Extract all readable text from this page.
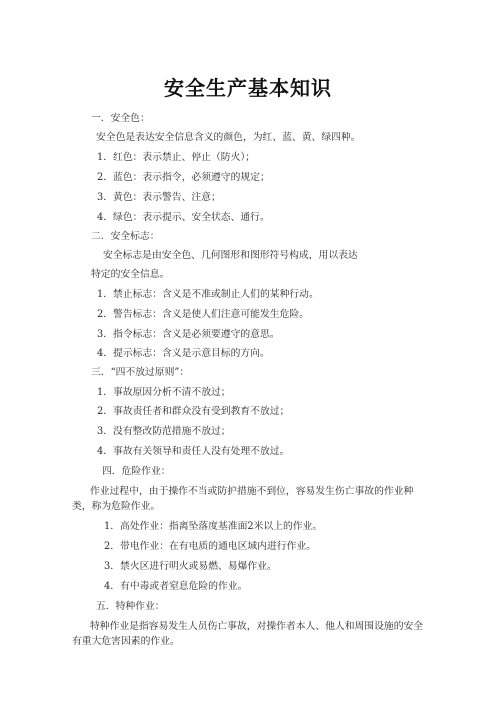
安全生产基本知识
一．安全色：
安全色是表达安全信息含义的颜色，为红、蓝、黄、绿四种。
1．红色：表示禁止、停止（防火）；
2．蓝色：表示指令，必须遵守的规定；
3．黄色：表示警告、注意；
4．绿色：表示提示、安全状态、通行。
二．安全标志：
安全标志是由安全色、几何图形和图形符号构成，用以表达
特定的安全信息。
1．禁止标志：含义是不准或制止人们的某种行动。
2．警告标志：含义是使人们注意可能发生危险。
3．指令标志：含义是必须要遵守的意思。
4．提示标志：含义是示意目标的方向。
三．“四不放过原则”：
1．事故原因分析不清不放过；
2．事故责任者和群众没有受到教育不放过；
3．没有整改防范措施不放过；
4．事故有关领导和责任人没有处理不放过。
四．危险作业：
作业过程中，由于操作不当或防护措施不到位，容易发生伤亡事故的作业种类，称为危险作业。
1．高处作业：指离坠落度基准面2米以上的作业。
2．带电作业：在有电质的通电区域内进行作业。
3．禁火区进行明火或易燃、易爆作业。
4．有中毒或者窒息危险的作业。
五．特种作业：
特种作业是指容易发生人员伤亡事故，对操作者本人、他人和周围设施的安全有重大危害因素的作业。
